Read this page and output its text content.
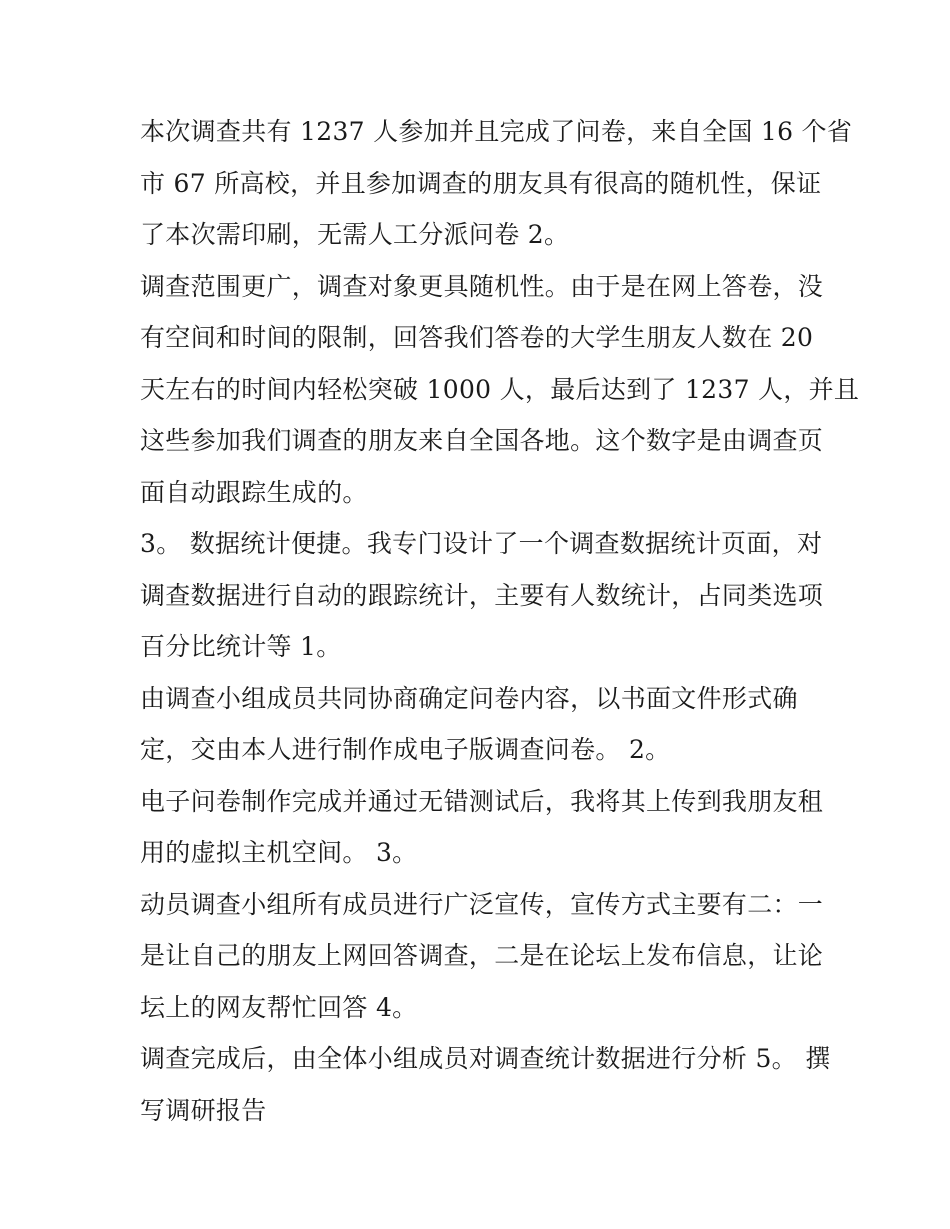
本次调查共有 1237 人参加并且完成了问卷，来自全国 16 个省
市 67 所高校，并且参加调查的朋友具有很高的随机性，保证
了本次需印刷，无需人工分派问卷 2。
调查范围更广，调查对象更具随机性。由于是在网上答卷，没
有空间和时间的限制，回答我们答卷的大学生朋友人数在 20
天左右的时间内轻松突破 1000 人，最后达到了 1237 人，并且
这些参加我们调查的朋友来自全国各地。这个数字是由调查页
面自动跟踪生成的。
3。 数据统计便捷。我专门设计了一个调查数据统计页面，对
调查数据进行自动的跟踪统计，主要有人数统计，占同类选项
百分比统计等 1。
由调查小组成员共同协商确定问卷内容，以书面文件形式确
定，交由本人进行制作成电子版调查问卷。 2。
电子问卷制作完成并通过无错测试后，我将其上传到我朋友租
用的虚拟主机空间。 3。
动员调查小组所有成员进行广泛宣传，宣传方式主要有二：一
是让自己的朋友上网回答调查，二是在论坛上发布信息，让论
坛上的网友帮忙回答 4。
调查完成后，由全体小组成员对调查统计数据进行分析 5。 撰
写调研报告
